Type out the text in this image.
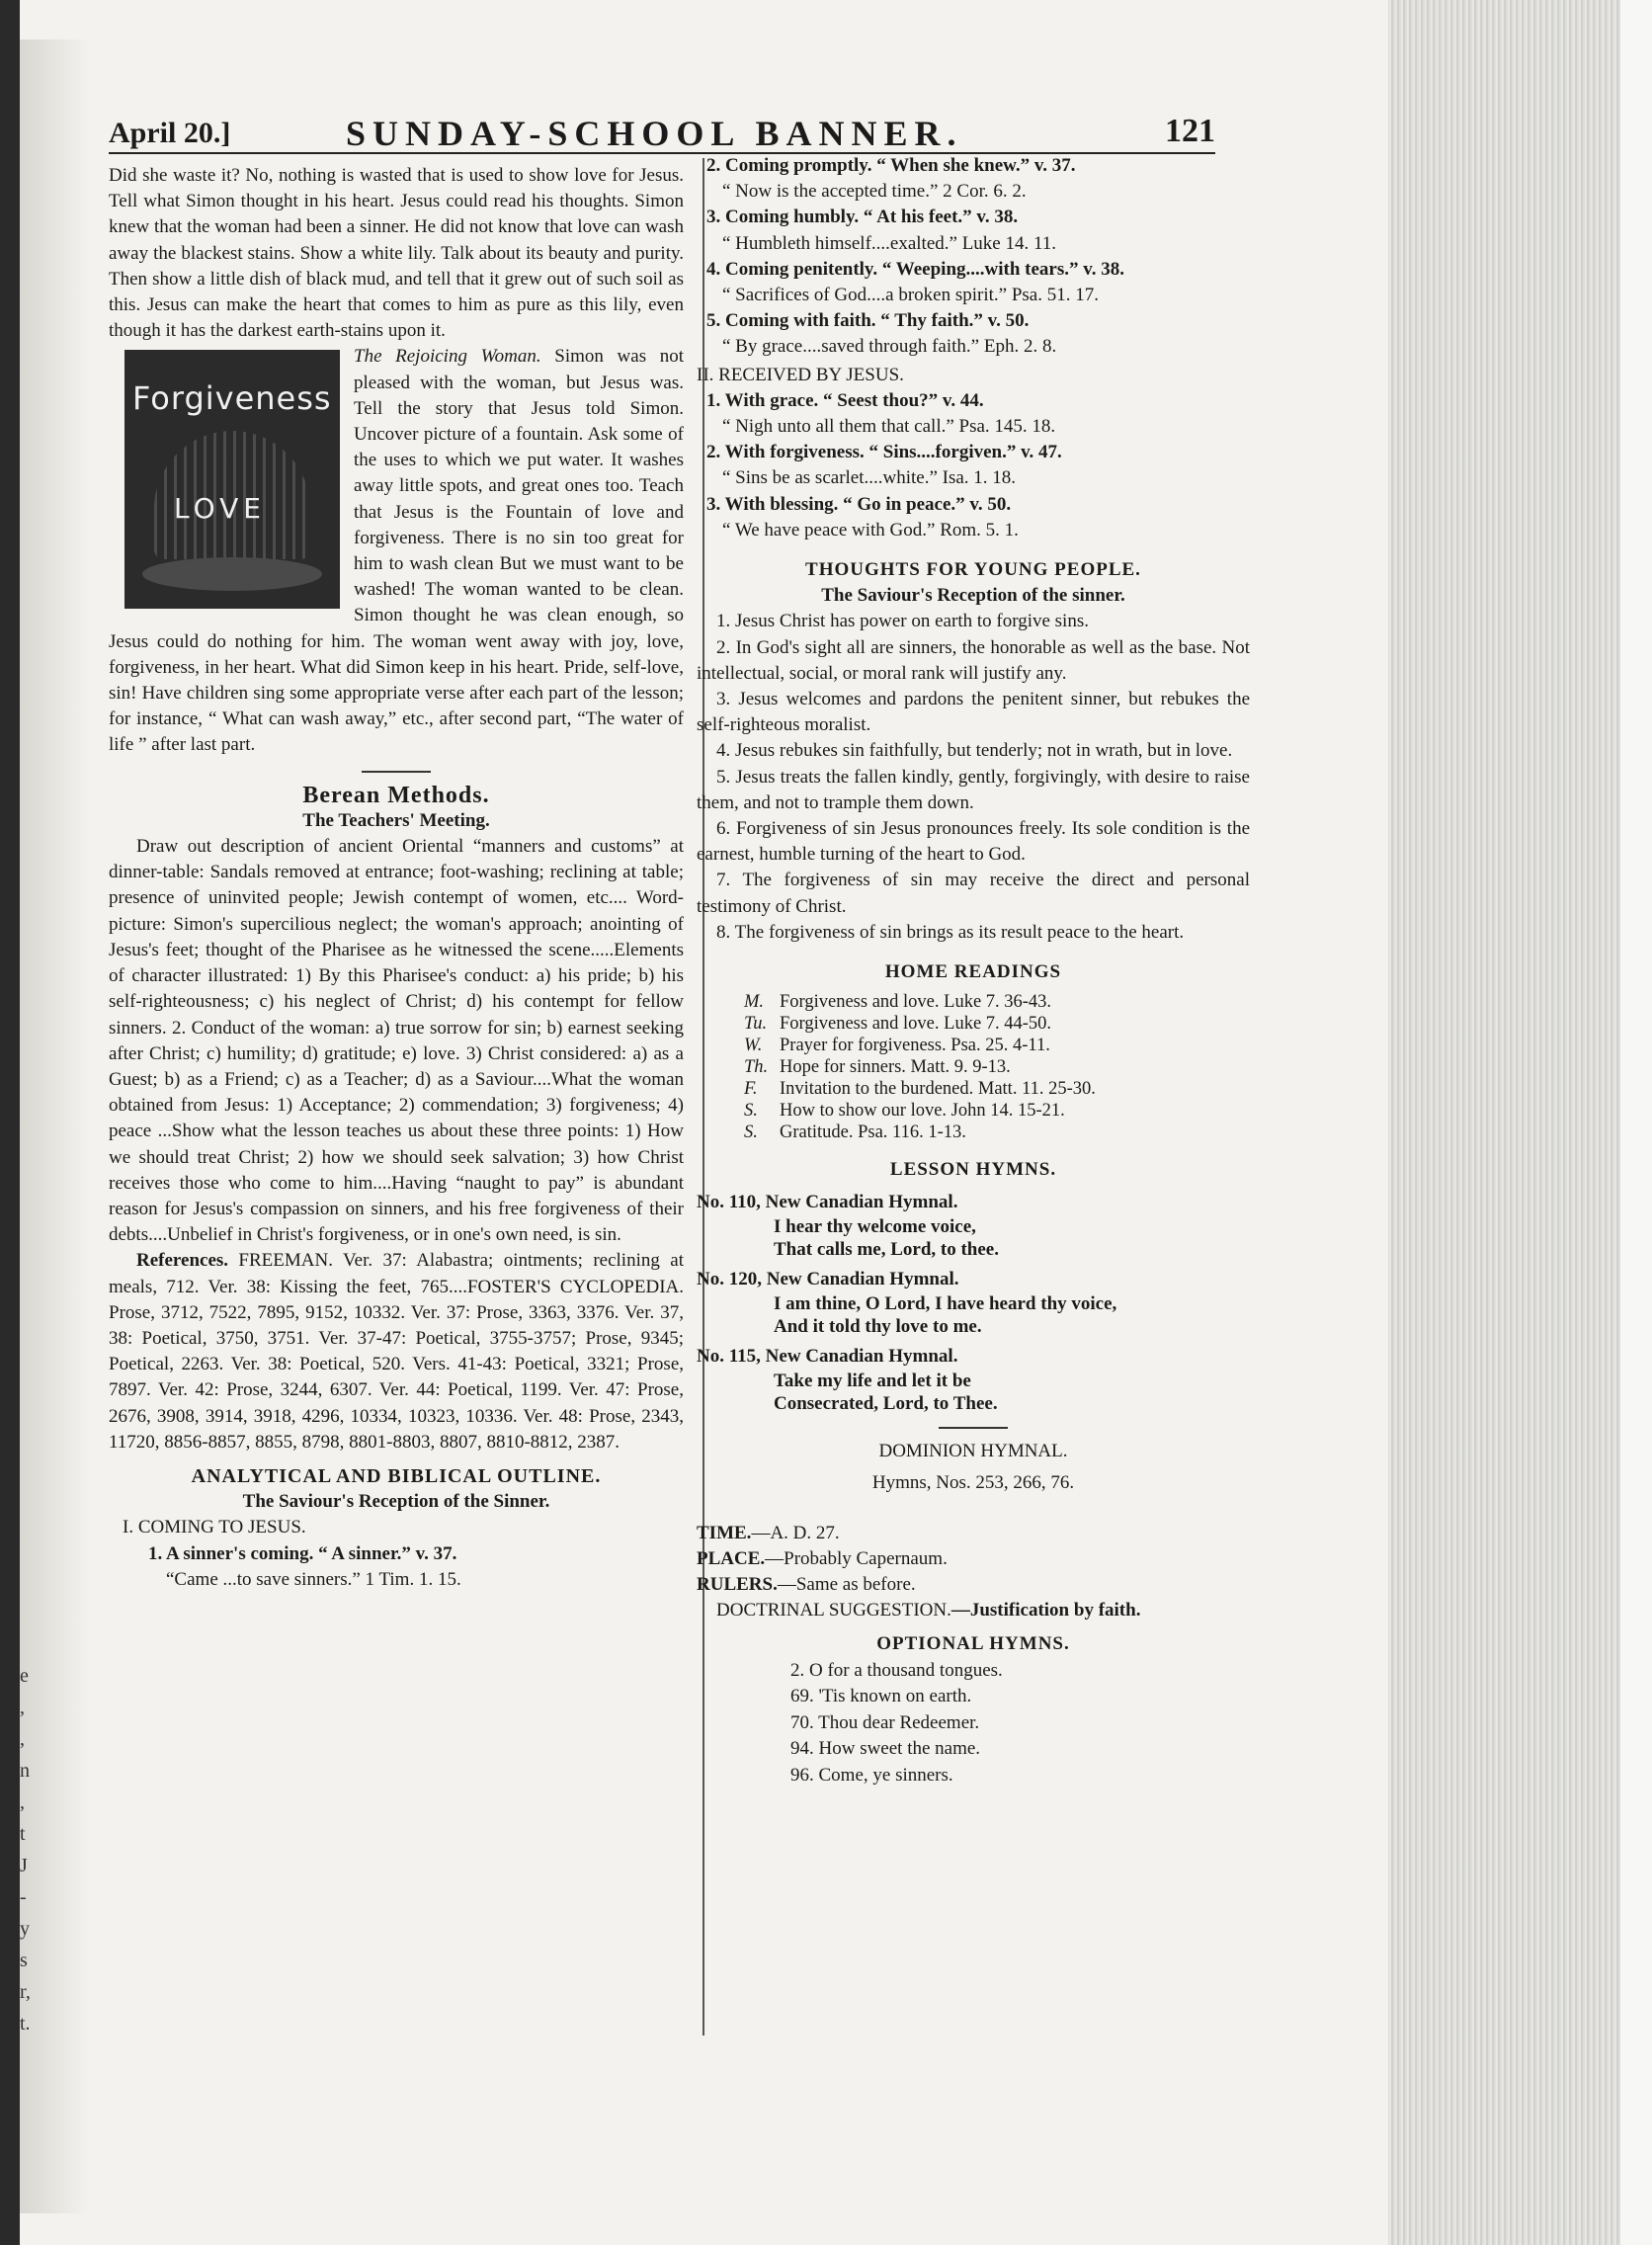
e
,
,
n
,
t
J
-
y
s
r,
t.
April 20.]	SUNDAY-SCHOOL BANNER.	121

Did she waste it? No, nothing is wasted that is used to show love for Jesus. Tell what Simon thought in his heart. Jesus could read his thoughts. Simon knew that the woman had been a sinner. He did not know that love can wash away the blackest stains. Show a white lily. Talk about its beauty and purity. Then show a little dish of black mud, and tell that it grew out of such soil as this. Jesus can make the heart that comes to him as pure as this lily, even though it has the darkest earth-stains upon it.

Forgiveness
LOVE

The Rejoicing Woman. Simon was not pleased with the woman, but Jesus was. Tell the story that Jesus told Simon. Uncover picture of a fountain. Ask some of the uses to which we put water. It washes away little spots, and great ones too. Teach that Jesus is the Fountain of love and forgiveness. There is no sin too great for him to wash clean But we must want to be washed! The woman wanted to be clean. Simon thought he was clean enough, so Jesus could do nothing for him. The woman went away with joy, love, forgiveness, in her heart. What did Simon keep in his heart. Pride, self-love, sin! Have children sing some appropriate verse after each part of the lesson; for instance, “ What can wash away,” etc., after second part, “The water of life ” after last part.

Berean Methods.
The Teachers' Meeting.

Draw out description of ancient Oriental “manners and customs” at dinner-table: Sandals removed at entrance; foot-washing; reclining at table; presence of uninvited people; Jewish contempt of women, etc.... Word-picture: Simon's supercilious neglect; the woman's approach; anointing of Jesus's feet; thought of the Pharisee as he witnessed the scene.....Elements of character illustrated: 1) By this Pharisee's conduct: a) his pride; b) his self-righteousness; c) his neglect of Christ; d) his contempt for fellow sinners. 2. Conduct of the woman: a) true sorrow for sin; b) earnest seeking after Christ; c) humility; d) gratitude; e) love. 3) Christ considered: a) as a Guest; b) as a Friend; c) as a Teacher; d) as a Saviour....What the woman obtained from Jesus: 1) Acceptance; 2) commendation; 3) forgiveness; 4) peace ...Show what the lesson teaches us about these three points: 1) How we should treat Christ; 2) how we should seek salvation; 3) how Christ receives those who come to him....Having “naught to pay” is abundant reason for Jesus's compassion on sinners, and his free forgiveness of their debts....Unbelief in Christ's forgiveness, or in one's own need, is sin.

References. FREEMAN. Ver. 37: Alabastra; ointments; reclining at meals, 712. Ver. 38: Kissing the feet, 765....FOSTER'S CYCLOPEDIA. Prose, 3712, 7522, 7895, 9152, 10332. Ver. 37: Prose, 3363, 3376. Ver. 37, 38: Poetical, 3750, 3751. Ver. 37-47: Poetical, 3755-3757; Prose, 9345; Poetical, 2263. Ver. 38: Poetical, 520. Vers. 41-43: Poetical, 3321; Prose, 7897. Ver. 42: Prose, 3244, 6307. Ver. 44: Poetical, 1199. Ver. 47: Prose, 2676, 3908, 3914, 3918, 4296, 10334, 10323, 10336. Ver. 48: Prose, 2343, 11720, 8856-8857, 8855, 8798, 8801-8803, 8807, 8810-8812, 2387.

ANALYTICAL AND BIBLICAL OUTLINE.
The Saviour's Reception of the Sinner.
I. COMING TO JESUS.
1. A sinner's coming. “ A sinner.” v. 37.
“Came ...to save sinners.” 1 Tim. 1. 15.
2. Coming promptly. “ When she knew.” v. 37.
“ Now is the accepted time.” 2 Cor. 6. 2.
3. Coming humbly. “ At his feet.” v. 38.
“ Humbleth himself....exalted.” Luke 14. 11.
4. Coming penitently. “ Weeping....with tears.” v. 38.
“ Sacrifices of God....a broken spirit.” Psa. 51. 17.
5. Coming with faith. “ Thy faith.” v. 50.
“ By grace....saved through faith.” Eph. 2. 8.
II. RECEIVED BY JESUS.
1. With grace. “ Seest thou?” v. 44.
“ Nigh unto all them that call.” Psa. 145. 18.
2. With forgiveness. “ Sins....forgiven.” v. 47.
“ Sins be as scarlet....white.” Isa. 1. 18.
3. With blessing. “ Go in peace.” v. 50.
“ We have peace with God.” Rom. 5. 1.
THOUGHTS FOR YOUNG PEOPLE.
The Saviour's Reception of the sinner.

1. Jesus Christ has power on earth to forgive sins.

2. In God's sight all are sinners, the honorable as well as the base. Not intellectual, social, or moral rank will justify any.

3. Jesus welcomes and pardons the penitent sinner, but rebukes the self-righteous moralist.

4. Jesus rebukes sin faithfully, but tenderly; not in wrath, but in love.

5. Jesus treats the fallen kindly, gently, forgivingly, with desire to raise them, and not to trample them down.

6. Forgiveness of sin Jesus pronounces freely. Its sole condition is the earnest, humble turning of the heart to God.

7. The forgiveness of sin may receive the direct and personal testimony of Christ.

8. The forgiveness of sin brings as its result peace to the heart.

HOME READINGS
M. Forgiveness and love. Luke 7. 36-43.
Tu. Forgiveness and love. Luke 7. 44-50.
W. Prayer for forgiveness. Psa. 25. 4-11.
Th. Hope for sinners. Matt. 9. 9-13.
F. Invitation to the burdened. Matt. 11. 25-30.
S. How to show our love. John 14. 15-21.
S. Gratitude. Psa. 116. 1-13.
LESSON HYMNS.
No. 110, New Canadian Hymnal.
I hear thy welcome voice,
That calls me, Lord, to thee.
No. 120, New Canadian Hymnal.
I am thine, O Lord, I have heard thy voice,
And it told thy love to me.
No. 115, New Canadian Hymnal.
Take my life and let it be
Consecrated, Lord, to Thee.
DOMINION HYMNAL.
Hymns, Nos. 253, 266, 76.
TIME.—A. D. 27.
PLACE.—Probably Capernaum.
RULERS.—Same as before.
DOCTRINAL SUGGESTION.—Justification by faith.
OPTIONAL HYMNS.
2. O for a thousand tongues.
69. 'Tis known on earth.
70. Thou dear Redeemer.
94. How sweet the name.
96. Come, ye sinners.
